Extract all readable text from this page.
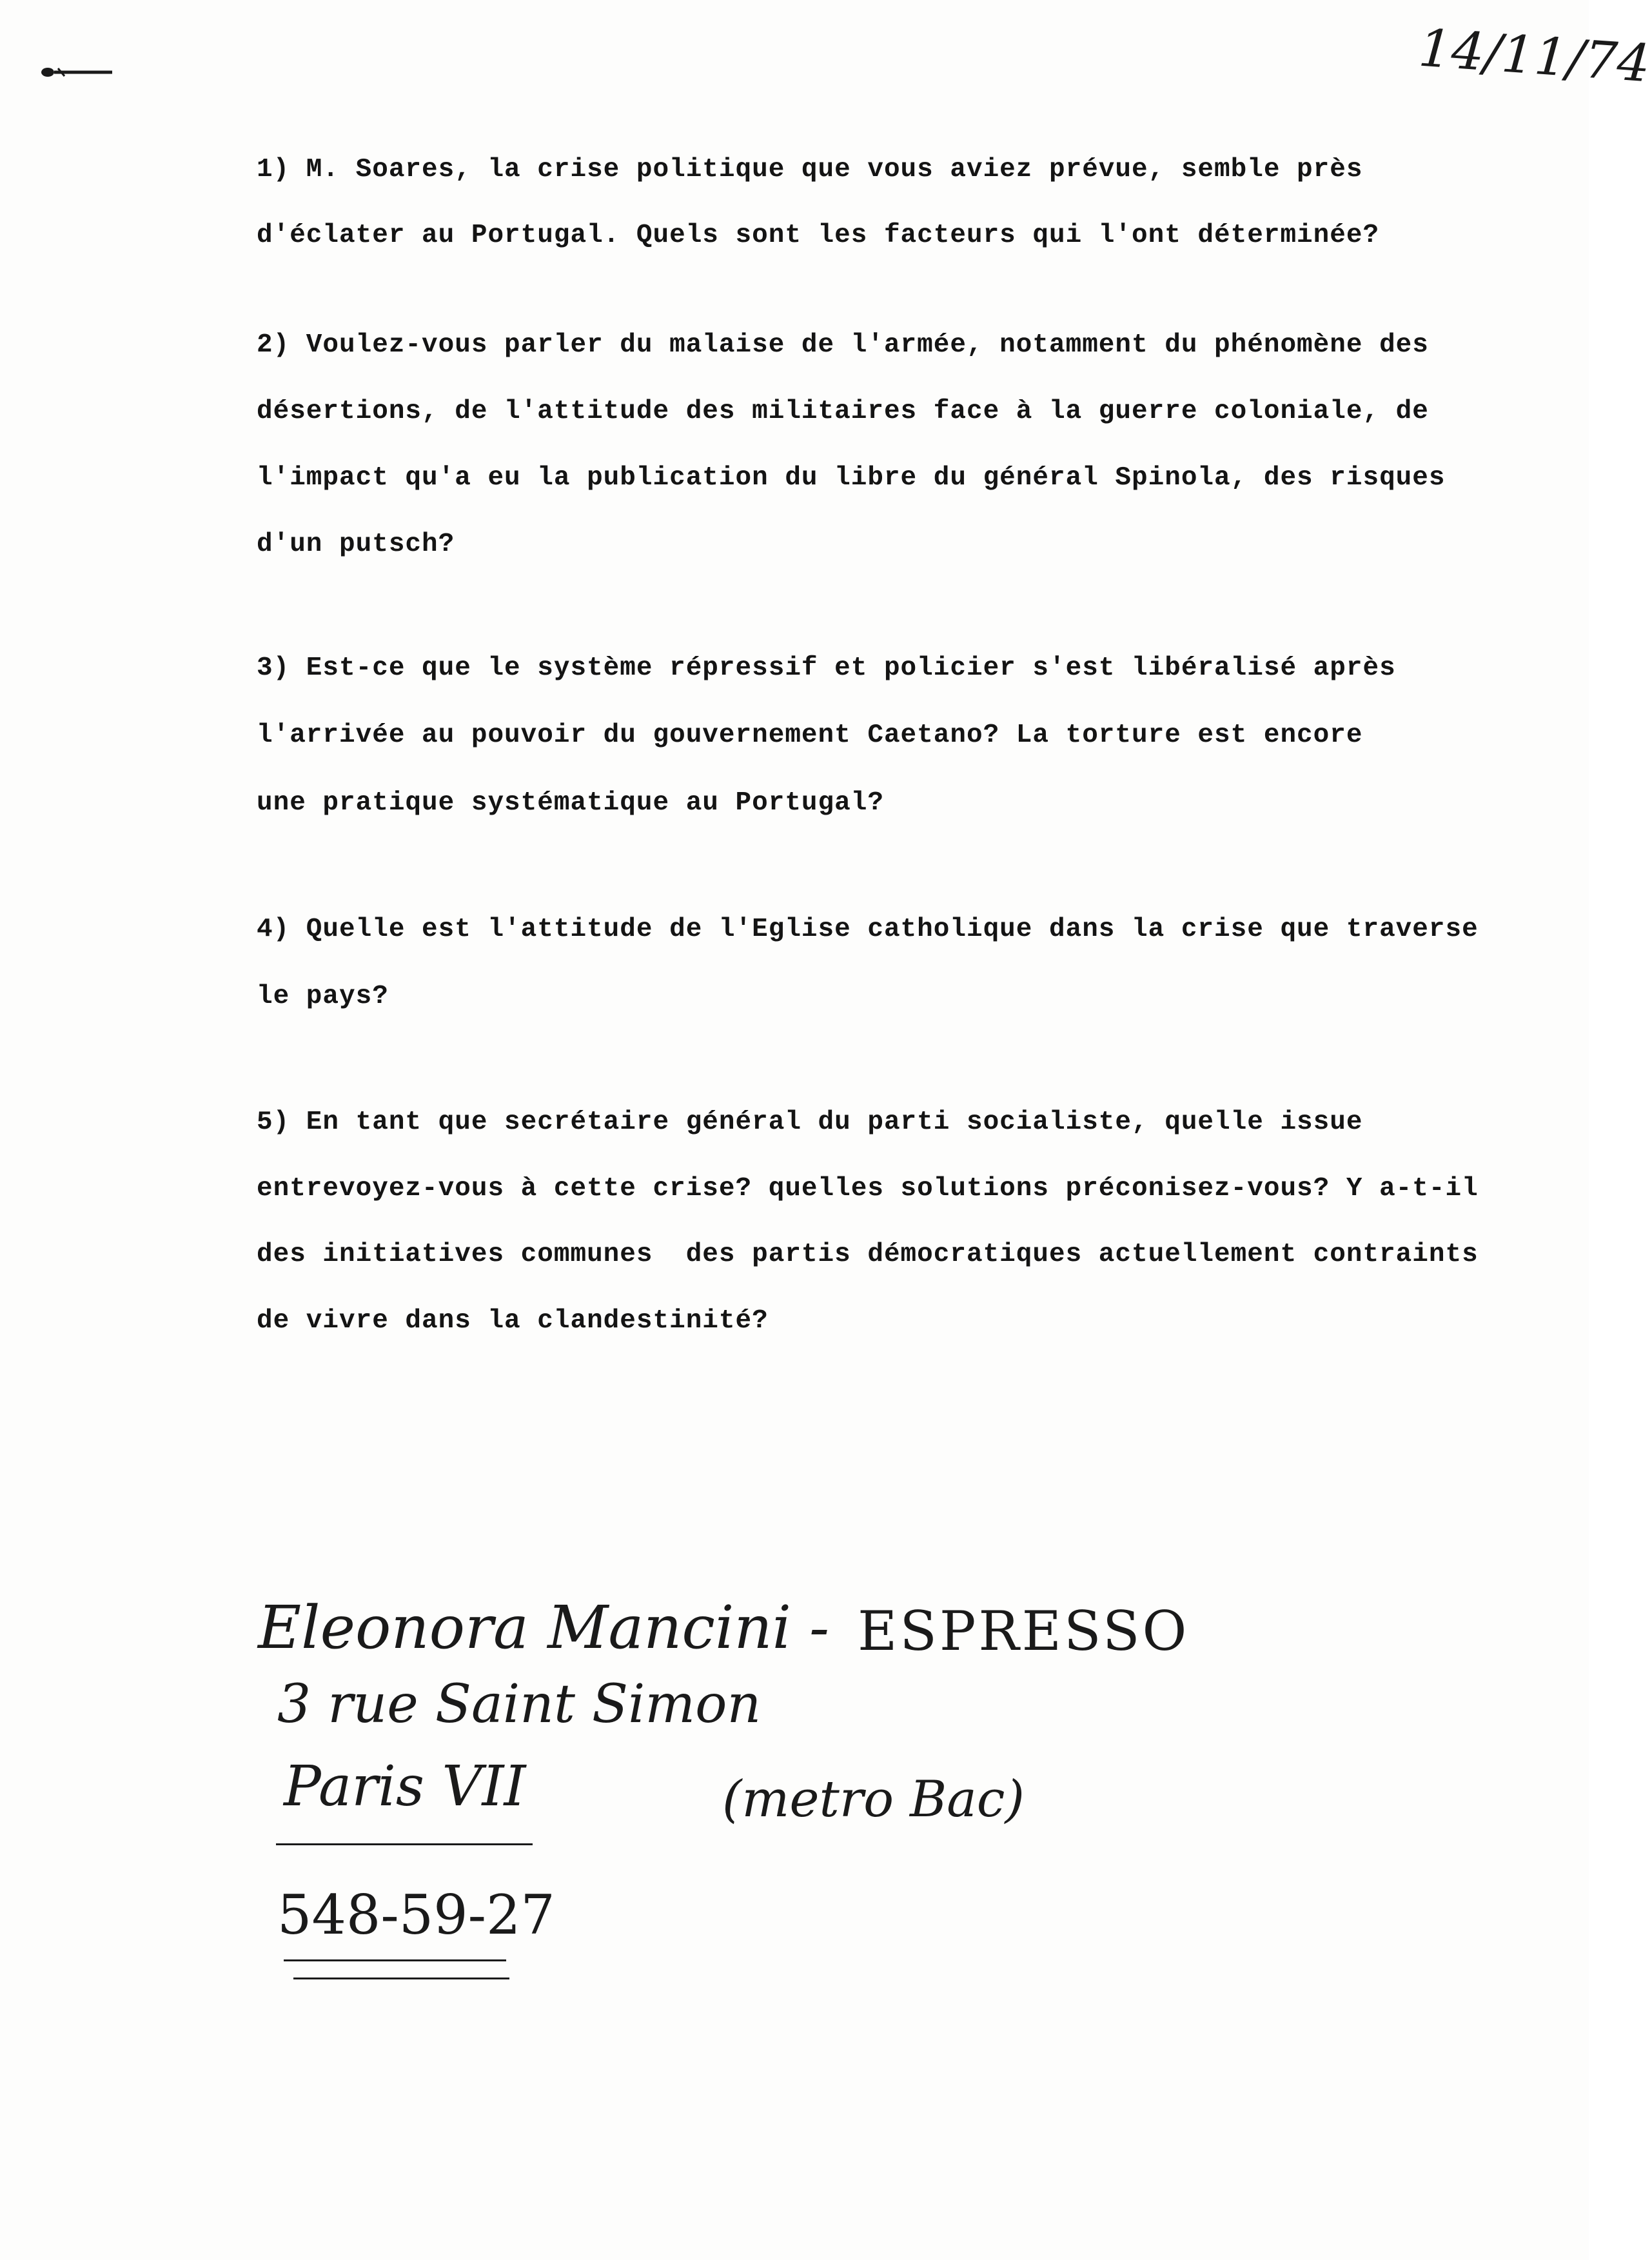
14/11/74
1) M. Soares, la crise politique que vous aviez prévue, semble près
d'éclater au Portugal. Quels sont les facteurs qui l'ont déterminée?
2) Voulez-vous parler du malaise de l'armée, notamment du phénomène des
désertions, de l'attitude des militaires face à la guerre coloniale, de
l'impact qu'a eu la publication du libre du général Spinola, des risques
d'un putsch?
3) Est-ce que le système répressif et policier s'est libéralisé après
l'arrivée au pouvoir du gouvernement Caetano? La torture est encore
une pratique systématique au Portugal?
4) Quelle est l'attitude de l'Eglise catholique dans la crise que traverse
le pays?
5) En tant que secrétaire général du parti socialiste, quelle issue
entrevoyez-vous à cette crise? quelles solutions préconisez-vous? Y a-t-il
des initiatives communes  des partis démocratiques actuellement contraints
de vivre dans la clandestinité?
Eleonora Mancini - ESPRESSO
3 rue Saint Simon
Paris VII	(metro Bac)
548-59-27
